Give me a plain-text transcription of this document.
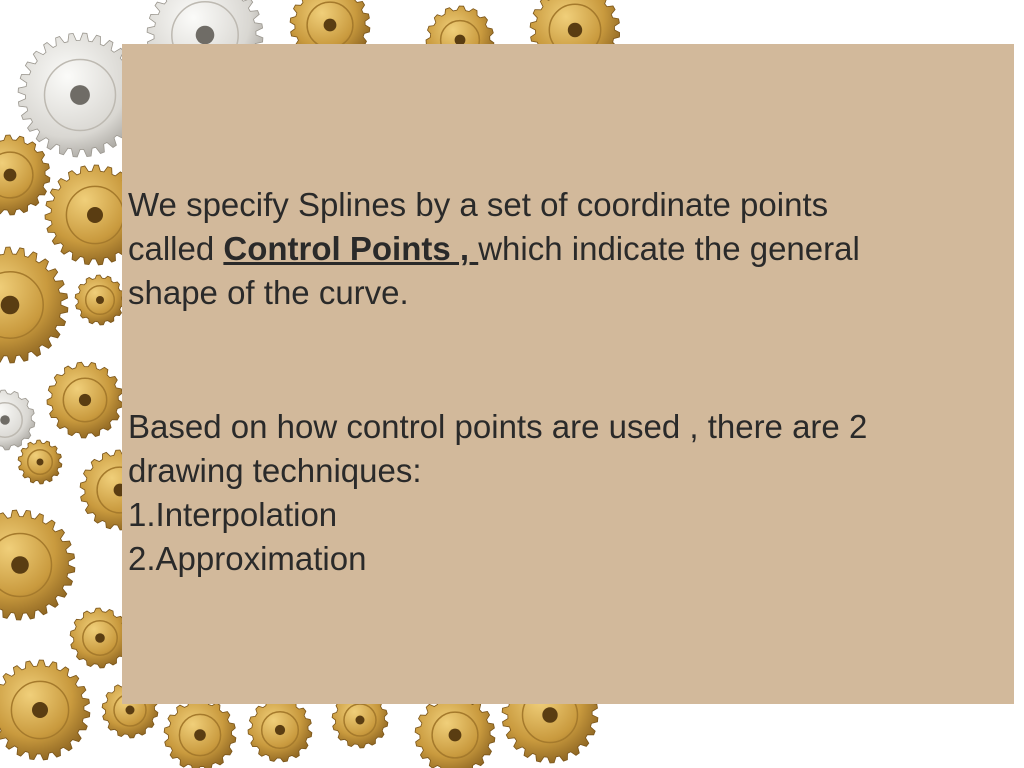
We specify Splines by a set of coordinate points
called Control Points , which indicate the general
shape of the curve.
Based on how control points are used , there are 2
drawing techniques:
1.Interpolation
2.Approximation
